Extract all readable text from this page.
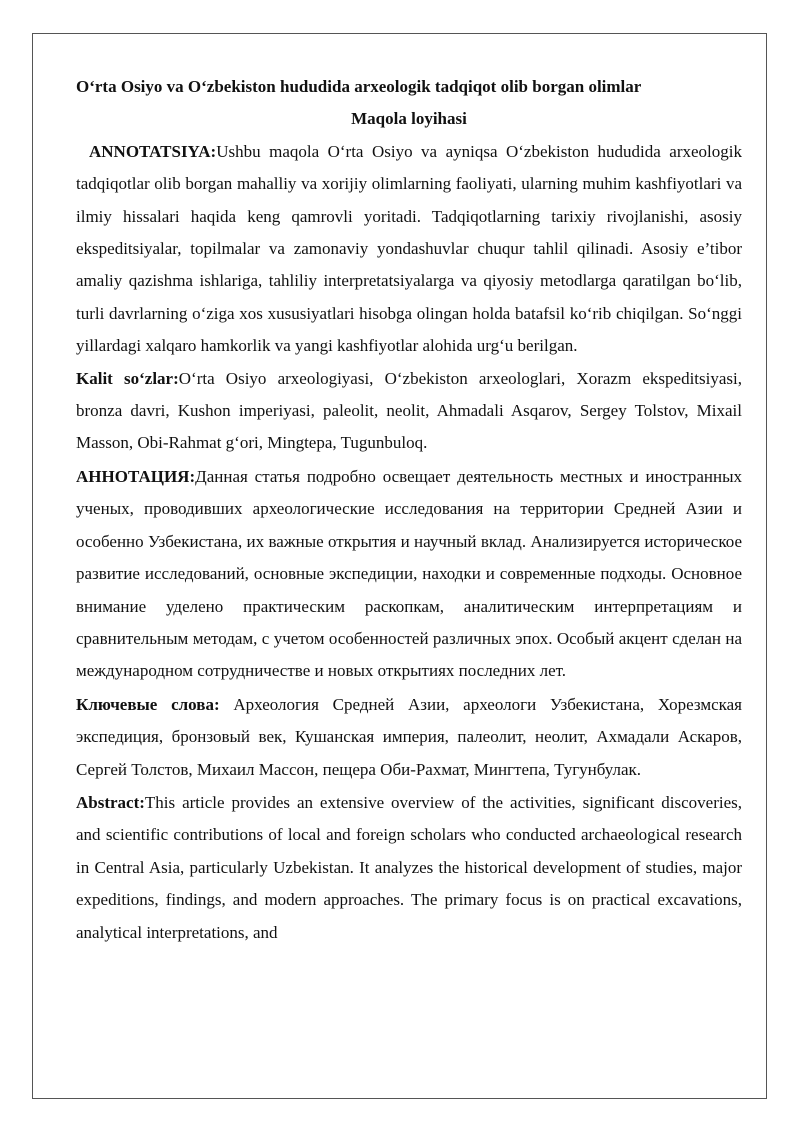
O‘rta Osiyo va O‘zbekiston hududida arxeologik tadqiqot olib borgan olimlar

Maqola loyihasi

ANNOTATSIYA:Ushbu maqola O‘rta Osiyo va ayniqsa O‘zbekiston hududida arxeologik tadqiqotlar olib borgan mahalliy va xorijiy olimlarning faoliyati, ularning muhim kashfiyotlari va ilmiy hissalari haqida keng qamrovli yoritadi. Tadqiqotlarning tarixiy rivojlanishi, asosiy ekspeditsiyalar, topilmalar va zamonaviy yondashuvlar chuqur tahlil qilinadi. Asosiy e’tibor amaliy qazishma ishlariga, tahliliy interpretatsiyalarga va qiyosiy metodlarga qaratilgan bo‘lib, turli davrlarning o‘ziga xos xususiyatlari hisobga olingan holda batafsil ko‘rib chiqilgan. So‘nggi yillardagi xalqaro hamkorlik va yangi kashfiyotlar alohida urg‘u berilgan.

Kalit so‘zlar:O‘rta Osiyo arxeologiyasi, O‘zbekiston arxeologlari, Xorazm ekspeditsiyasi, bronza davri, Kushon imperiyasi, paleolit, neolit, Ahmadali Asqarov, Sergey Tolstov, Mixail Masson, Obi-Rahmat g‘ori, Mingtepa, Tugunbuloq.

АННОТАЦИЯ:Данная статья подробно освещает деятельность местных и иностранных ученых, проводивших археологические исследования на территории Средней Азии и особенно Узбекистана, их важные открытия и научный вклад. Анализируется историческое развитие исследований, основные экспедиции, находки и современные подходы. Основное внимание уделено практическим раскопкам, аналитическим интерпретациям и сравнительным методам, с учетом особенностей различных эпох. Особый акцент сделан на международном сотрудничестве и новых открытиях последних лет.

Ключевые слова: Археология Средней Азии, археологи Узбекистана, Хорезмская экспедиция, бронзовый век, Кушанская империя, палеолит, неолит, Ахмадали Аскаров, Сергей Толстов, Михаил Массон, пещера Оби-Рахмат, Мингтепа, Тугунбулак.

Abstract:This article provides an extensive overview of the activities, significant discoveries, and scientific contributions of local and foreign scholars who conducted archaeological research in Central Asia, particularly Uzbekistan. It analyzes the historical development of studies, major expeditions, findings, and modern approaches. The primary focus is on practical excavations, analytical interpretations, and
